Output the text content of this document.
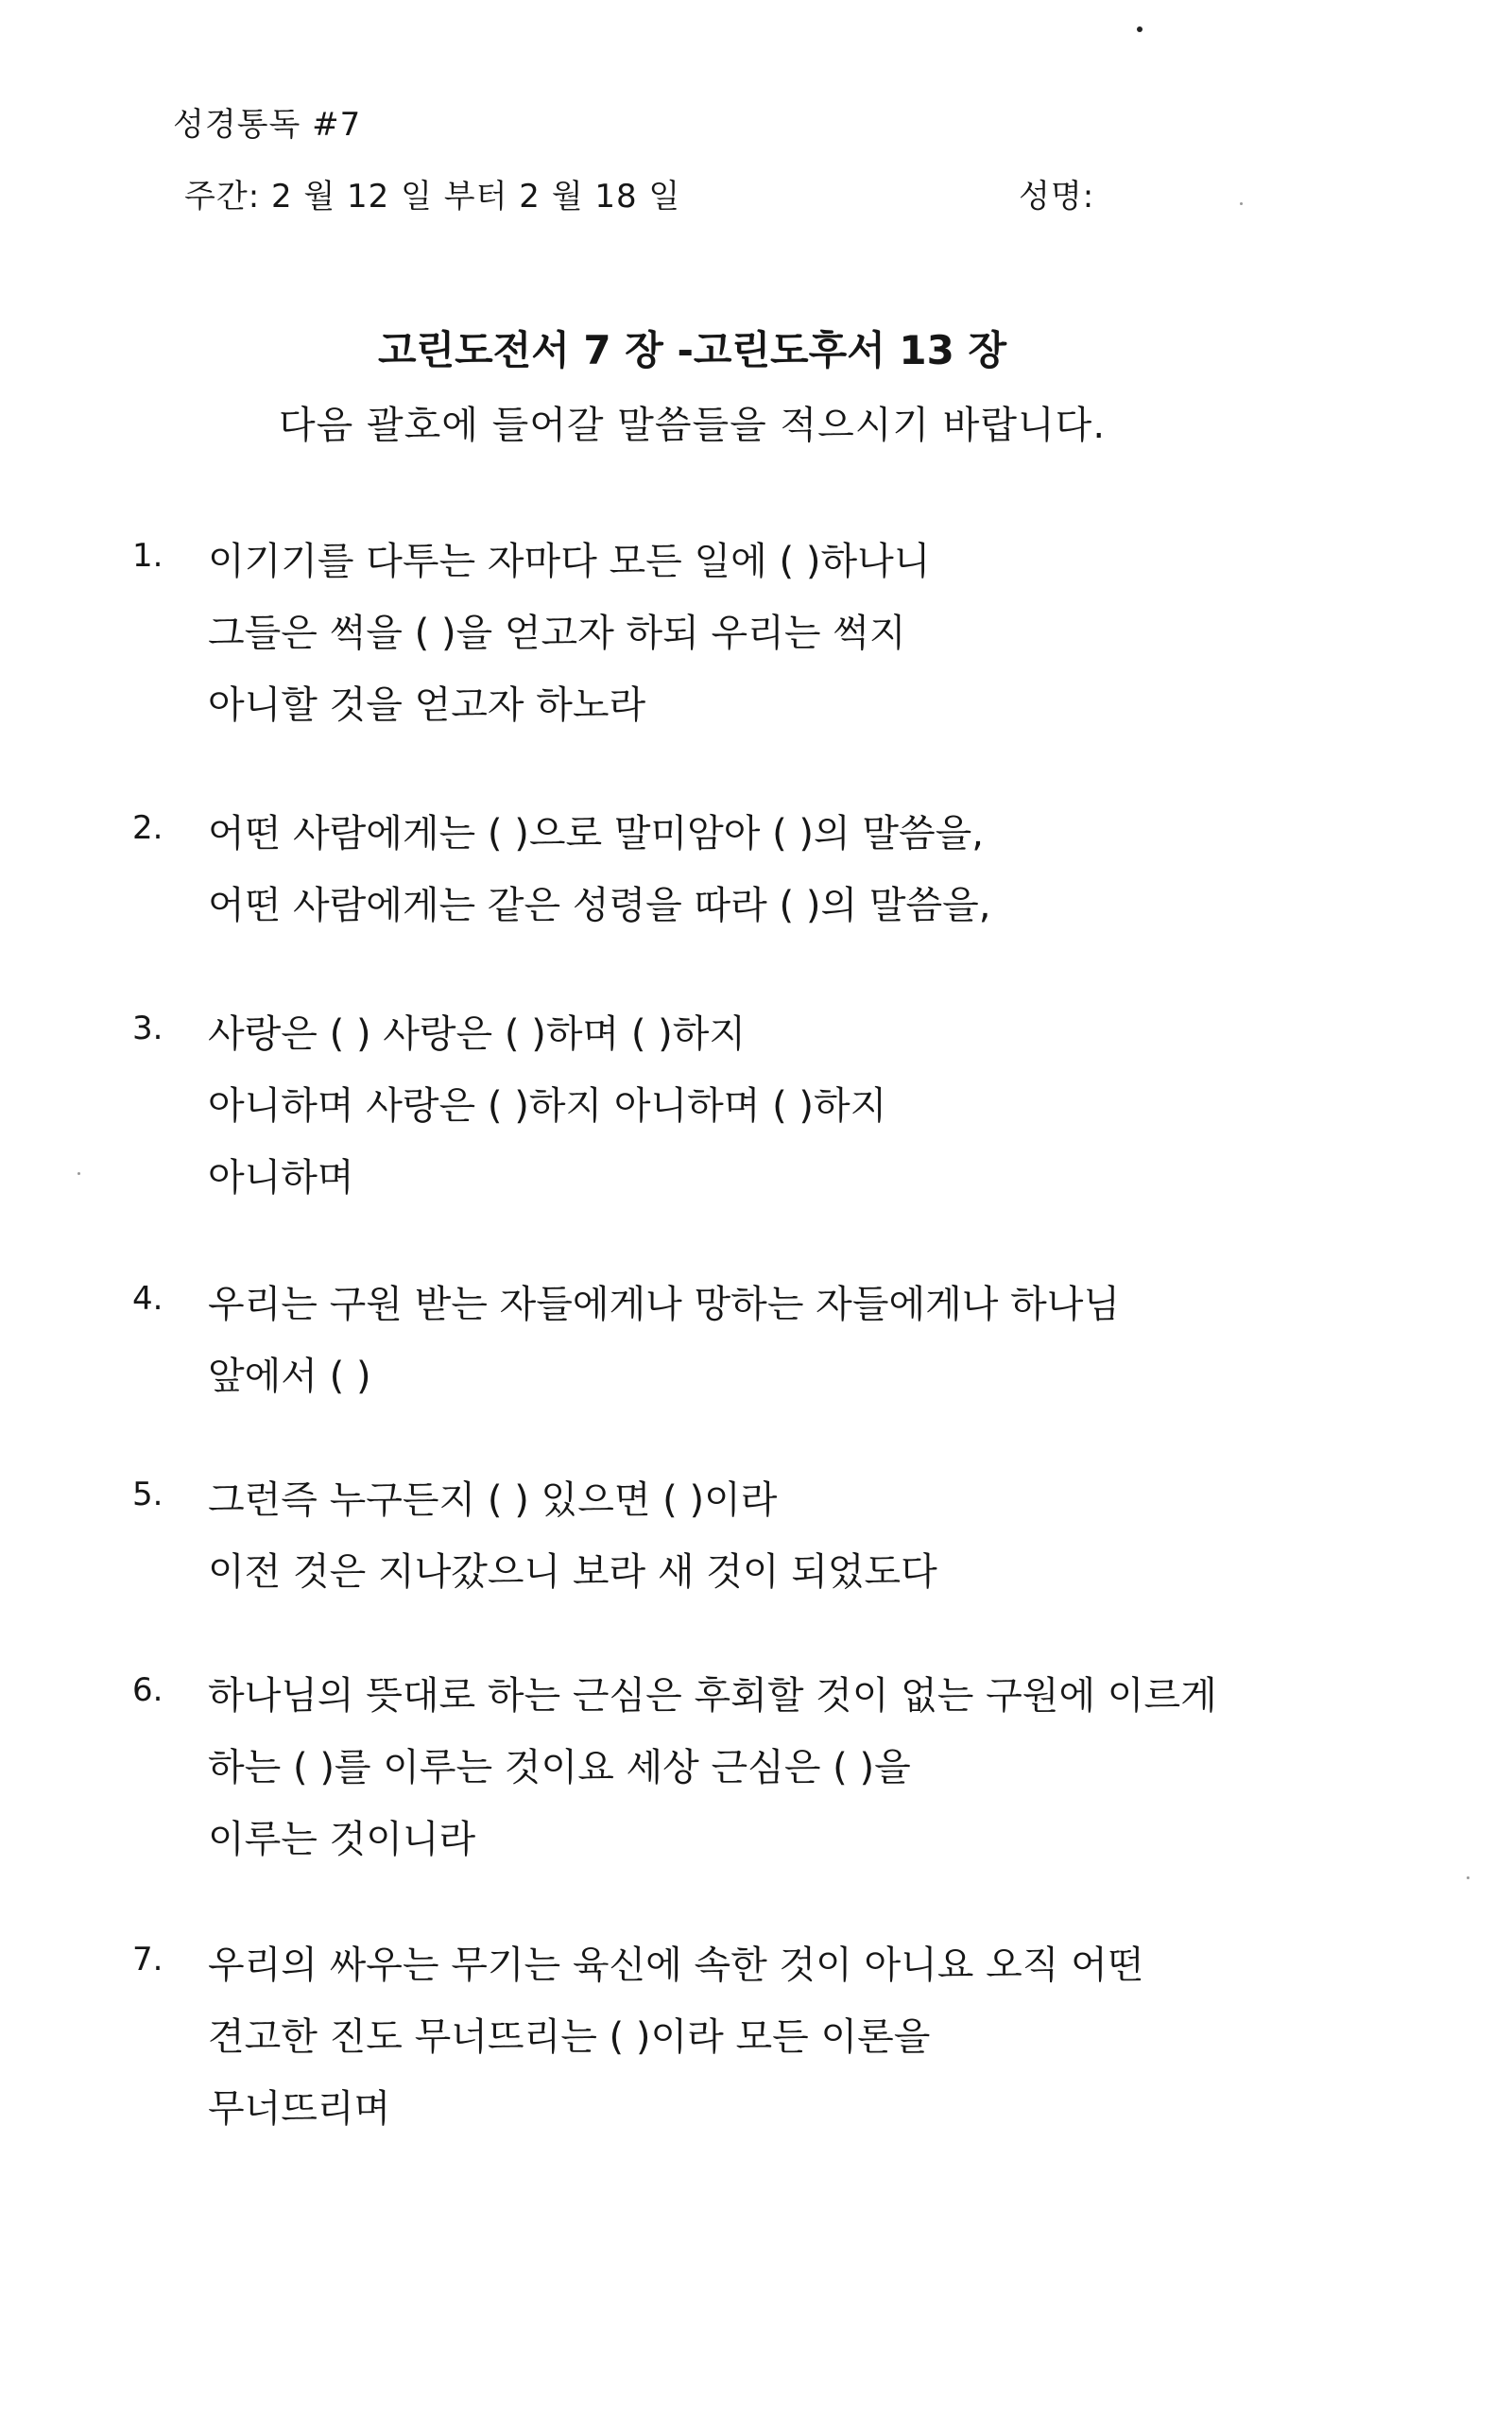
성경통독 #7
주간: 2 월 12 일 부터 2 월 18 일	성명:
고린도전서 7 장 -고린도후서 13 장
다음 괄호에 들어갈 말씀들을 적으시기 바랍니다.
1. 이기기를 다투는 자마다 모든 일에 ( )하나니
그들은 썩을 ( )을 얻고자 하되 우리는 썩지
아니할 것을 얻고자 하노라
2. 어떤 사람에게는 ( )으로 말미암아 ( )의 말씀을,
어떤 사람에게는 같은 성령을 따라 ( )의 말씀을,
3. 사랑은 ( ) 사랑은 ( )하며 ( )하지
아니하며 사랑은 ( )하지 아니하며 ( )하지
아니하며
4. 우리는 구원 받는 자들에게나 망하는 자들에게나 하나님
앞에서 ( )
5. 그런즉 누구든지 ( ) 있으면 ( )이라
이전 것은 지나갔으니 보라 새 것이 되었도다
6. 하나님의 뜻대로 하는 근심은 후회할 것이 없는 구원에 이르게
하는 ( )를 이루는 것이요 세상 근심은 ( )을
이루는 것이니라
7. 우리의 싸우는 무기는 육신에 속한 것이 아니요 오직 어떤
견고한 진도 무너뜨리는 ( )이라 모든 이론을
무너뜨리며
